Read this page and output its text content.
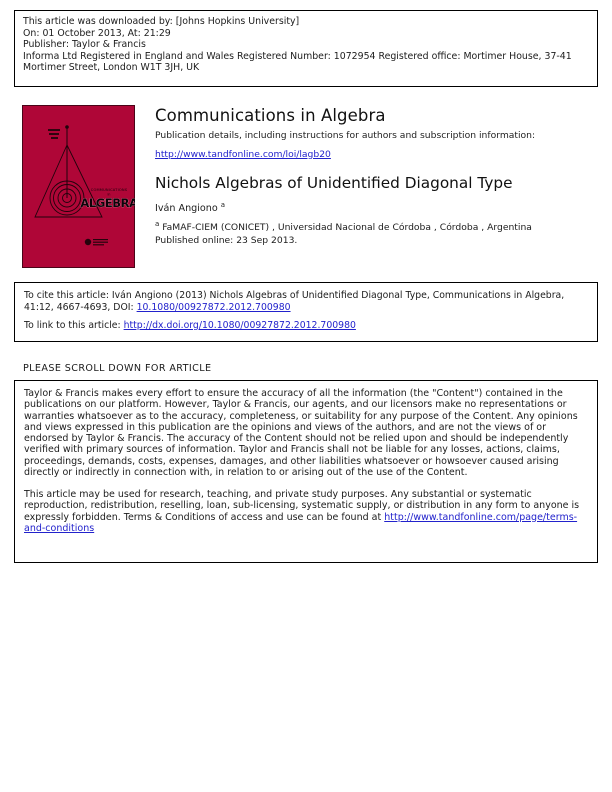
This article was downloaded by: [Johns Hopkins University]
On: 01 October 2013, At: 21:29
Publisher: Taylor & Francis
Informa Ltd Registered in England and Wales Registered Number: 1072954 Registered office: Mortimer House, 37-41 Mortimer Street, London W1T 3JH, UK
COMMUNICATIONS
in
ALGEBRA
Communications in Algebra
Publication details, including instructions for authors and subscription information:
http://www.tandfonline.com/loi/lagb20
Nichols Algebras of Unidentified Diagonal Type
Iván Angiono $^a$
$^a$ FaMAF-CIEM (CONICET) , Universidad Nacional de Córdoba , Córdoba , Argentina
Published online: 23 Sep 2013.

To cite this article: Iván Angiono (2013) Nichols Algebras of Unidentified Diagonal Type, Communications in Algebra, 41:12, 4667-4693, DOI: 10.1080/00927872.2012.700980

To link to this article: http://dx.doi.org/10.1080/00927872.2012.700980

PLEASE SCROLL DOWN FOR ARTICLE

Taylor & Francis makes every effort to ensure the accuracy of all the information (the "Content") contained in the publications on our platform. However, Taylor & Francis, our agents, and our licensors make no representations or warranties whatsoever as to the accuracy, completeness, or suitability for any purpose of the Content. Any opinions and views expressed in this publication are the opinions and views of the authors, and are not the views of or endorsed by Taylor & Francis. The accuracy of the Content should not be relied upon and should be independently verified with primary sources of information. Taylor and Francis shall not be liable for any losses, actions, claims, proceedings, demands, costs, expenses, damages, and other liabilities whatsoever or howsoever caused arising directly or indirectly in connection with, in relation to or arising out of the use of the Content.

This article may be used for research, teaching, and private study purposes. Any substantial or systematic reproduction, redistribution, reselling, loan, sub-licensing, systematic supply, or distribution in any form to anyone is expressly forbidden. Terms & Conditions of access and use can be found at http://www.tandfonline.com/page/terms-and-conditions
